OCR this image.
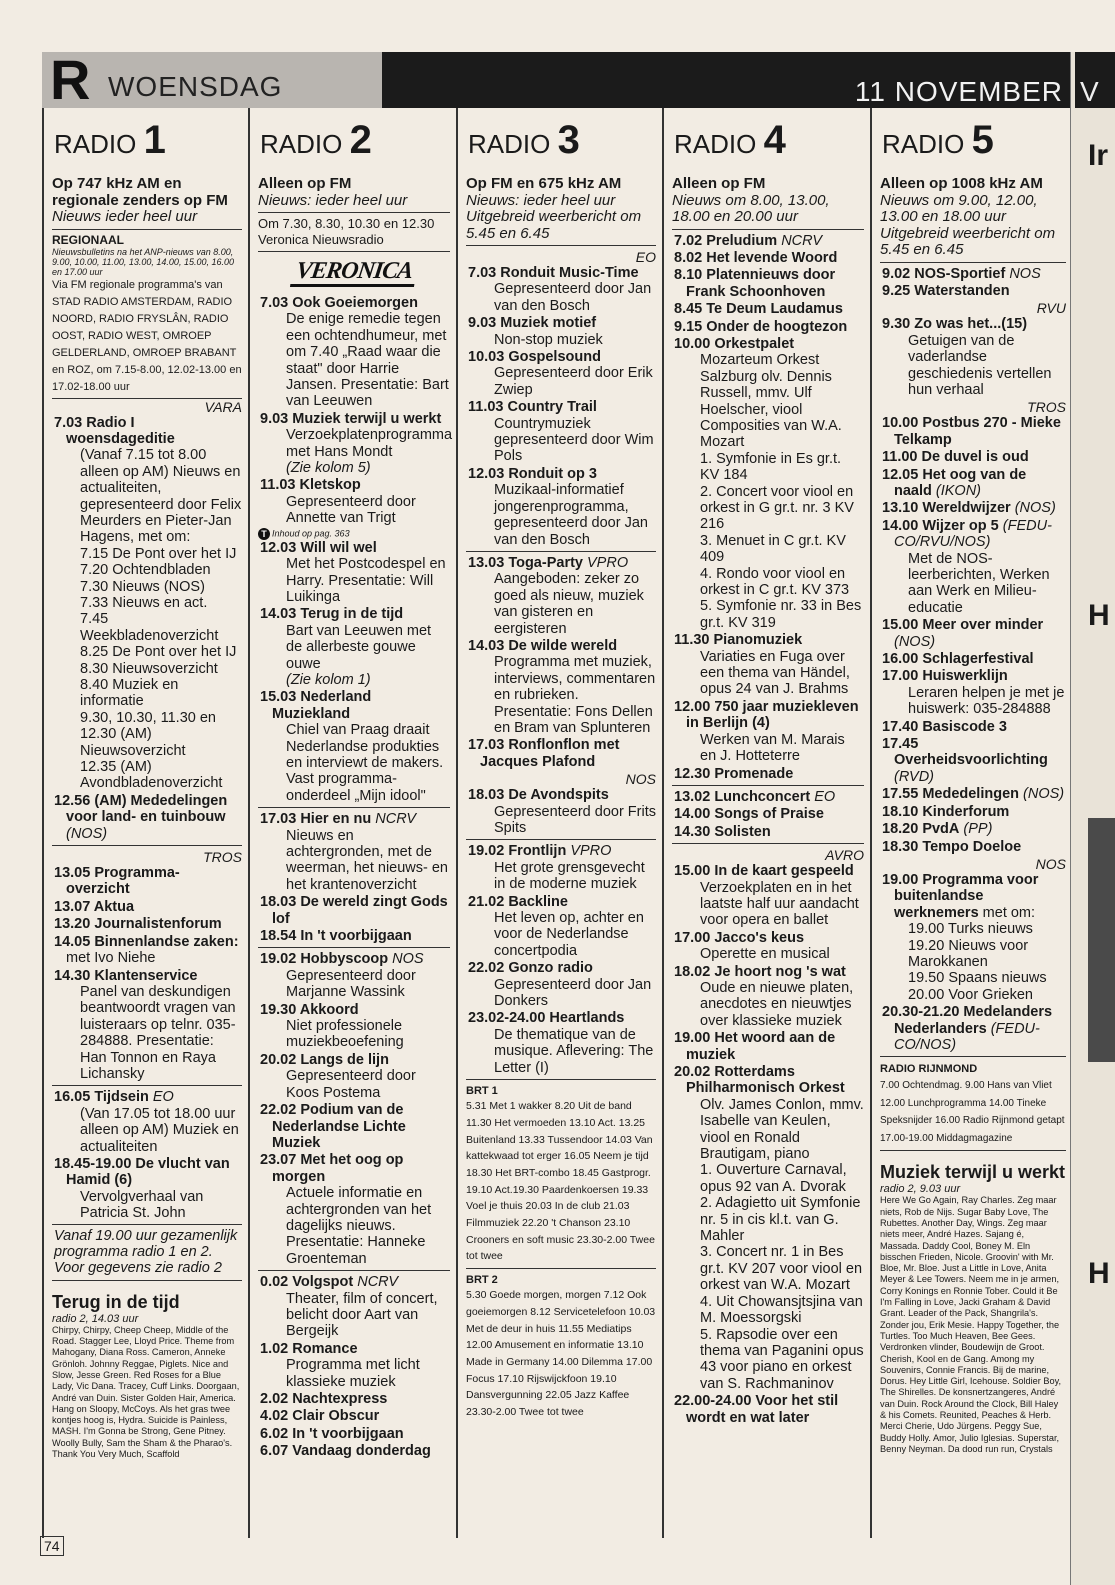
R WOENSDAG	11 NOVEMBER V
Ir
H
H
RADIO 1
Op 747 kHz AM en regionale zenders op FM
Nieuws ieder heel uur
REGIONAAL
Nieuwsbulletins na het ANP-nieuws van 8.00, 9.00, 10.00, 11.00, 13.00, 14.00, 15.00, 16.00 en 17.00 uur
Via FM regionale programma's van STAD RADIO AMSTERDAM, RADIO NOORD, RADIO FRYSLÂN, RADIO OOST, RADIO WEST, OMROEP GELDERLAND, OMROEP BRABANT en ROZ, om 7.15-8.00, 12.02-13.00 en 17.02-18.00 uur
VARA
7.03 Radio I woensdageditie
(Vanaf 7.15 tot 8.00 alleen op AM) Nieuws en actualiteiten, gepresenteerd door Felix Meurders en Pieter-Jan Hagens, met om:
7.15 De Pont over het IJ
7.20 Ochtendbladen
7.30 Nieuws (NOS)
7.33 Nieuws en act.
7.45 Weekbladenoverzicht
8.25 De Pont over het IJ
8.30 Nieuwsoverzicht
8.40 Muziek en informatie
9.30, 10.30, 11.30 en 12.30 (AM) Nieuwsoverzicht
12.35 (AM) Avondbladenoverzicht
12.56 (AM) Mededelingen voor land- en tuinbouw (NOS)
TROS
13.05 Programma-overzicht
13.07 Aktua
13.20 Journalistenforum
14.05 Binnenlandse zaken: met Ivo Niehe
14.30 Klantenservice
Panel van deskundigen beantwoordt vragen van luisteraars op telnr. 035-284888. Presentatie: Han Tonnon en Raya Lichansky
16.05 Tijdsein EO
(Van 17.05 tot 18.00 uur alleen op AM) Muziek en actualiteiten
18.45-19.00 De vlucht van Hamid (6)
Vervolgverhaal van Patricia St. John
Vanaf 19.00 uur gezamenlijk programma radio 1 en 2. Voor gegevens zie radio 2
Terug in de tijd
radio 2, 14.03 uur
Chirpy, Chirpy, Cheep Cheep, Middle of the Road. Stagger Lee, Lloyd Price. Theme from Mahogany, Diana Ross. Cameron, Anneke Grönloh. Johnny Reggae, Piglets. Nice and Slow, Jesse Green. Red Roses for a Blue Lady, Vic Dana. Tracey, Cuff Links. Doorgaan, André van Duin. Sister Golden Hair, America. Hang on Sloopy, McCoys. Als het gras twee kontjes hoog is, Hydra. Suicide is Painless, MASH. I'm Gonna be Strong, Gene Pitney. Woolly Bully, Sam the Sham & the Pharao's. Thank You Very Much, Scaffold
RADIO 2
Alleen op FM
Nieuws: ieder heel uur
Om 7.30, 8.30, 10.30 en 12.30 Veronica Nieuwsradio
VERONICA
7.03 Ook Goeiemorgen
De enige remedie tegen een ochtendhumeur, met om 7.40 „Raad waar die staat" door Harrie Jansen. Presentatie: Bart van Leeuwen
9.03 Muziek terwijl u werkt
Verzoekplatenprogramma met Hans Mondt
(Zie kolom 5)
11.03 Kletskop
Gepresenteerd door Annette van Trigt
T Inhoud op pag. 363
12.03 Will wil wel
Met het Postcodespel en Harry. Presentatie: Will Luikinga
14.03 Terug in de tijd
Bart van Leeuwen met de allerbeste gouwe ouwe
(Zie kolom 1)
15.03 Nederland Muziekland
Chiel van Praag draait Nederlandse produkties en interviewt de makers. Vast programma-onderdeel „Mijn idool"
17.03 Hier en nu NCRV
Nieuws en achtergronden, met de weerman, het nieuws- en het krantenoverzicht
18.03 De wereld zingt Gods lof
18.54 In 't voorbijgaan
19.02 Hobbyscoop NOS
Gepresenteerd door Marjanne Wassink
19.30 Akkoord
Niet professionele muziekbeoefening
20.02 Langs de lijn
Gepresenteerd door Koos Postema
22.02 Podium van de Nederlandse Lichte Muziek
23.07 Met het oog op morgen
Actuele informatie en achtergronden van het dagelijks nieuws. Presentatie: Hanneke Groenteman
0.02 Volgspot NCRV
Theater, film of concert, belicht door Aart van Bergeijk
1.02 Romance
Programma met licht klassieke muziek
2.02 Nachtexpress
4.02 Clair Obscur
6.02 In 't voorbijgaan
6.07 Vandaag donderdag
RADIO 3
Op FM en 675 kHz AM
Nieuws: ieder heel uur Uitgebreid weerbericht om 5.45 en 6.45
EO
7.03 Ronduit Music-Time
Gepresenteerd door Jan van den Bosch
9.03 Muziek motief
Non-stop muziek
10.03 Gospelsound
Gepresenteerd door Erik Zwiep
11.03 Country Trail
Countrymuziek gepresenteerd door Wim Pols
12.03 Ronduit op 3
Muzikaal-informatief jongerenprogramma, gepresenteerd door Jan van den Bosch
13.03 Toga-Party VPRO
Aangeboden: zeker zo goed als nieuw, muziek van gisteren en eergisteren
14.03 De wilde wereld
Programma met muziek, interviews, commentaren en rubrieken. Presentatie: Fons Dellen en Bram van Splunteren
17.03 Ronflonflon met Jacques Plafond
NOS
18.03 De Avondspits
Gepresenteerd door Frits Spits
19.02 Frontlijn VPRO
Het grote grensgevecht in de moderne muziek
21.02 Backline
Het leven op, achter en voor de Nederlandse concertpodia
22.02 Gonzo radio
Gepresenteerd door Jan Donkers
23.02-24.00 Heartlands
De thematique van de musique. Aflevering: The Letter (I)
BRT 1
5.31 Met 1 wakker 8.20 Uit de band 11.30 Het vermoeden 13.10 Act. 13.25 Buitenland 13.33 Tussendoor 14.03 Van kattekwaad tot erger 16.05 Neem je tijd 18.30 Het BRT-combo 18.45 Gastprogr. 19.10 Act.19.30 Paardenkoersen 19.33 Voel je thuis 20.03 In de club 21.03 Filmmuziek 22.20 't Chanson 23.10 Crooners en soft music 23.30-2.00 Twee tot twee
BRT 2
5.30 Goede morgen, morgen 7.12 Ook goeiemorgen 8.12 Servicetelefoon 10.03 Met de deur in huis 11.55 Mediatips 12.00 Amusement en informatie 13.10 Made in Germany 14.00 Dilemma 17.00 Focus 17.10 Rijswijckfoon 19.10 Dansvergunning 22.05 Jazz Kaffee 23.30-2.00 Twee tot twee
RADIO 4
Alleen op FM
Nieuws om 8.00, 13.00, 18.00 en 20.00 uur
7.02 Preludium NCRV
8.02 Het levende Woord
8.10 Platennieuws door Frank Schoonhoven
8.45 Te Deum Laudamus
9.15 Onder de hoogtezon
10.00 Orkestpalet
Mozarteum Orkest Salzburg olv. Dennis Russell, mmv. Ulf Hoelscher, viool Composities van W.A. Mozart
1. Symfonie in Es gr.t. KV 184
2. Concert voor viool en orkest in G gr.t. nr. 3 KV 216
3. Menuet in C gr.t. KV 409
4. Rondo voor viool en orkest in C gr.t. KV 373
5. Symfonie nr. 33 in Bes gr.t. KV 319
11.30 Pianomuziek
Variaties en Fuga over een thema van Händel, opus 24 van J. Brahms
12.00 750 jaar muziekleven in Berlijn (4)
Werken van M. Marais en J. Hotteterre
12.30 Promenade
13.02 Lunchconcert EO
14.00 Songs of Praise
14.30 Solisten
AVRO
15.00 In de kaart gespeeld
Verzoekplaten en in het laatste half uur aandacht voor opera en ballet
17.00 Jacco's keus
Operette en musical
18.02 Je hoort nog 's wat
Oude en nieuwe platen, anecdotes en nieuwtjes over klassieke muziek
19.00 Het woord aan de muziek
20.02 Rotterdams Philharmonisch Orkest
Olv. James Conlon, mmv. Isabelle van Keulen, viool en Ronald Brautigam, piano
1. Ouverture Carnaval, opus 92 van A. Dvorak
2. Adagietto uit Symfonie nr. 5 in cis kl.t. van G. Mahler
3. Concert nr. 1 in Bes gr.t. KV 207 voor viool en orkest van W.A. Mozart
4. Uit Chowansjtsjina van M. Moessorgski
5. Rapsodie over een thema van Paganini opus 43 voor piano en orkest van S. Rachmaninov
22.00-24.00 Voor het stil wordt en wat later
RADIO 5
Alleen op 1008 kHz AM
Nieuws om 9.00, 12.00, 13.00 en 18.00 uur Uitgebreid weerbericht om 5.45 en 6.45
9.02 NOS-Sportief NOS
9.25 Waterstanden
RVU
9.30 Zo was het...(15)
Getuigen van de vaderlandse geschiedenis vertellen hun verhaal
TROS
10.00 Postbus 270 - Mieke Telkamp
11.00 De duvel is oud
12.05 Het oog van de naald (IKON)
13.10 Wereldwijzer (NOS)
14.00 Wijzer op 5 (FEDU-CO/RVU/NOS)
Met de NOS-leerberichten, Werken aan Werk en Milieu-educatie
15.00 Meer over minder (NOS)
16.00 Schlagerfestival
17.00 Huiswerklijn
Leraren helpen je met je huiswerk: 035-284888
17.40 Basiscode 3
17.45 Overheidsvoorlichting (RVD)
17.55 Mededelingen (NOS)
18.10 Kinderforum
18.20 PvdA (PP)
18.30 Tempo Doeloe
NOS
19.00 Programma voor buitenlandse werknemers met om:
19.00 Turks nieuws
19.20 Nieuws voor Marokkanen
19.50 Spaans nieuws
20.00 Voor Grieken
20.30-21.20 Medelanders Nederlanders (FEDU-CO/NOS)
RADIO RIJNMOND
7.00 Ochtendmag. 9.00 Hans van Vliet 12.00 Lunchprogramma 14.00 Tineke Speksnijder 16.00 Radio Rijnmond getapt 17.00-19.00 Middagmagazine
Muziek terwijl u werkt
radio 2, 9.03 uur
Here We Go Again, Ray Charles. Zeg maar niets, Rob de Nijs. Sugar Baby Love, The Rubettes. Another Day, Wings. Zeg maar niets meer, André Hazes. Sajang é, Massada. Daddy Cool, Boney M. Eln bisschen Frieden, Nicole. Groovin' with Mr. Bloe, Mr. Bloe. Just a Little in Love, Anita Meyer & Lee Towers. Neem me in je armen, Corry Konings en Ronnie Tober. Could it Be I'm Falling in Love, Jacki Graham & David Grant. Leader of the Pack, Shangrila's. Zonder jou, Erik Mesie. Happy Together, the Turtles. Too Much Heaven, Bee Gees. Verdronken vlinder, Boudewijn de Groot. Cherish, Kool en de Gang. Among my Souvenirs, Connie Francis. Bij de marine, Dorus. Hey Little Girl, Icehouse. Soldier Boy, The Shirelles. De konsnertzangeres, André van Duin. Rock Around the Clock, Bill Haley & his Comets. Reunited, Peaches & Herb. Merci Cherie, Udo Jürgens. Peggy Sue, Buddy Holly. Amor, Julio Iglesias. Superstar, Benny Neyman. Da dood run run, Crystals
74
